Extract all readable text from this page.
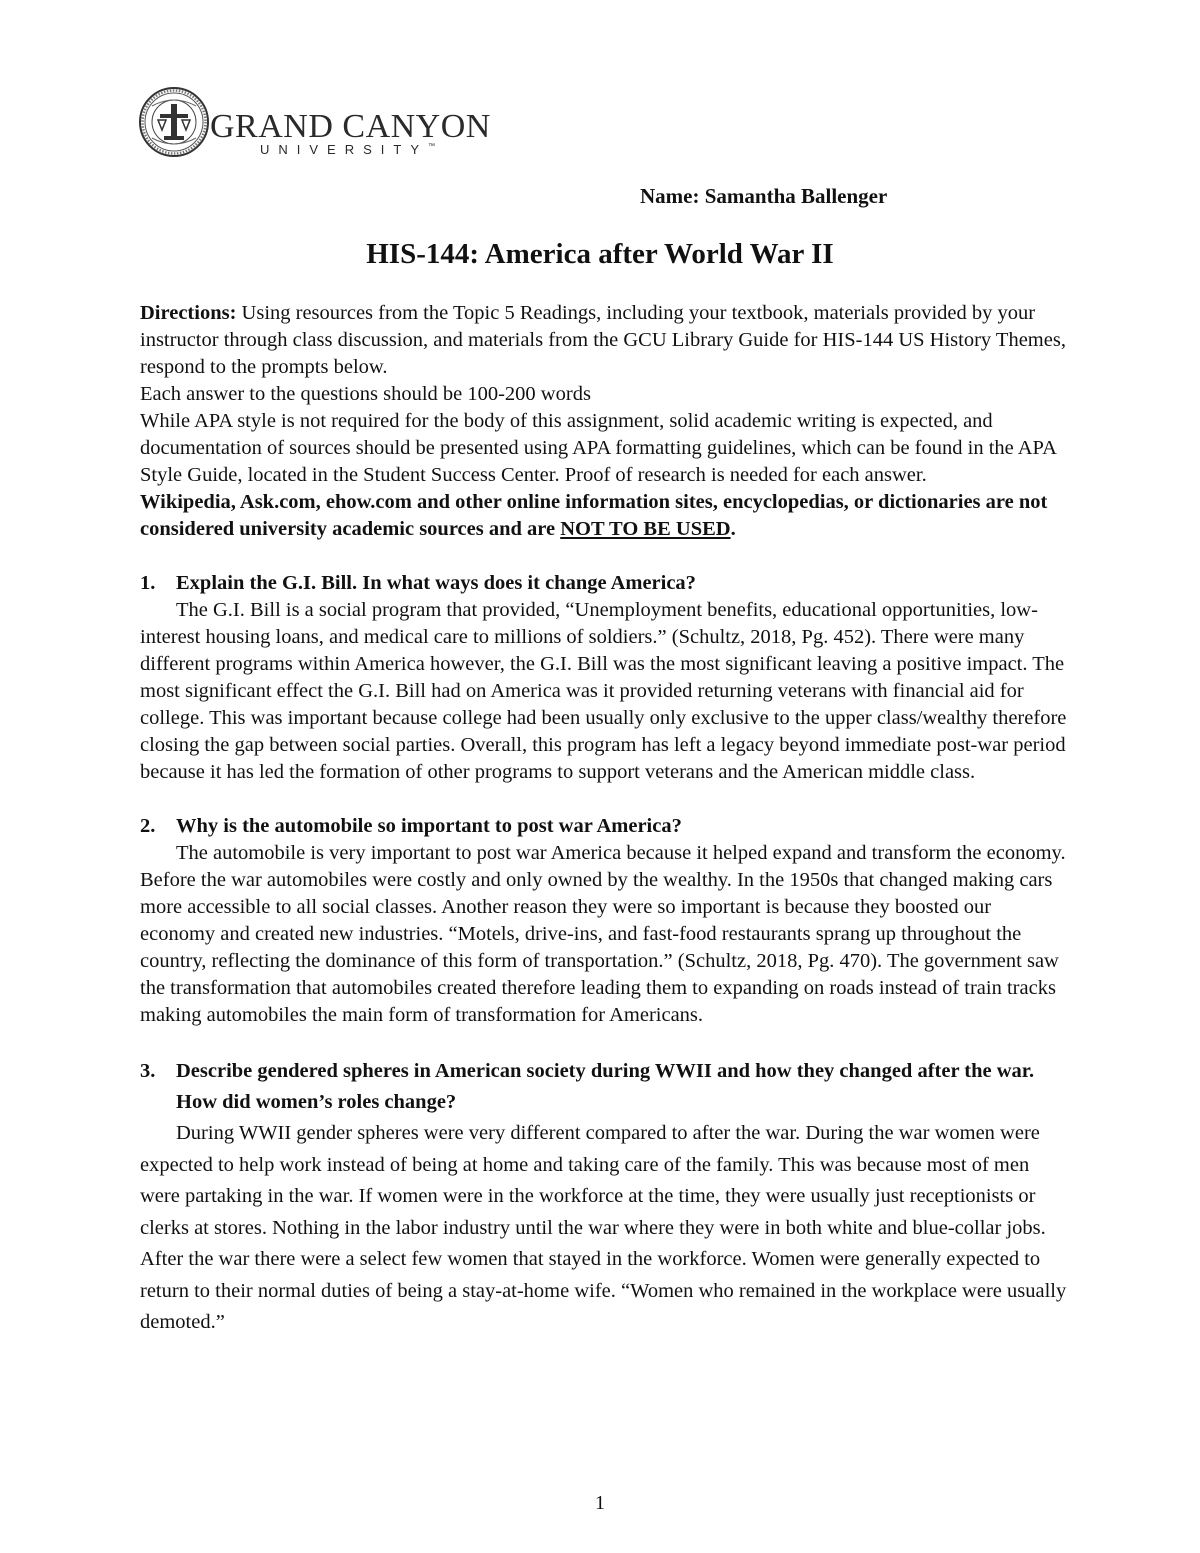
GRAND CANYON
UNIVERSITY™
Name: Samantha Ballenger
HIS-144: America after World War II

Directions: Using resources from the Topic 5 Readings, including your textbook, materials provided by your instructor through class discussion, and materials from the GCU Library Guide for HIS-144 US History Themes, respond to the prompts below.

Each answer to the questions should be 100-200 words

While APA style is not required for the body of this assignment, solid academic writing is expected, and documentation of sources should be presented using APA formatting guidelines, which can be found in the APA Style Guide, located in the Student Success Center. Proof of research is needed for each answer.

Wikipedia, Ask.com, ehow.com and other online information sites, encyclopedias, or dictionaries are not considered university academic sources and are NOT TO BE USED.

1.	Explain the G.I. Bill. In what ways does it change America?

The G.I. Bill is a social program that provided, “Unemployment benefits, educational opportunities, low-interest housing loans, and medical care to millions of soldiers.” (Schultz, 2018, Pg. 452). There were many different programs within America however, the G.I. Bill was the most significant leaving a positive impact. The most significant effect the G.I. Bill had on America was it provided returning veterans with financial aid for college. This was important because college had been usually only exclusive to the upper class/wealthy therefore closing the gap between social parties. Overall, this program has left a legacy beyond immediate post-war period because it has led the formation of other programs to support veterans and the American middle class.

2.	Why is the automobile so important to post war America?

The automobile is very important to post war America because it helped expand and transform the economy. Before the war automobiles were costly and only owned by the wealthy. In the 1950s that changed making cars more accessible to all social classes. Another reason they were so important is because they boosted our economy and created new industries. “Motels, drive-ins, and fast-food restaurants sprang up throughout the country, reflecting the dominance of this form of transportation.” (Schultz, 2018, Pg. 470). The government saw the transformation that automobiles created therefore leading them to expanding on roads instead of train tracks making automobiles the main form of transformation for Americans.

3.	Describe gendered spheres in American society during WWII and how they changed after the war. How did women’s roles change?

During WWII gender spheres were very different compared to after the war. During the war women were expected to help work instead of being at home and taking care of the family. This was because most of men were partaking in the war. If women were in the workforce at the time, they were usually just receptionists or clerks at stores. Nothing in the labor industry until the war where they were in both white and blue-collar jobs. After the war there were a select few women that stayed in the workforce. Women were generally expected to return to their normal duties of being a stay-at-home wife. “Women who remained in the workplace were usually demoted.”

1
